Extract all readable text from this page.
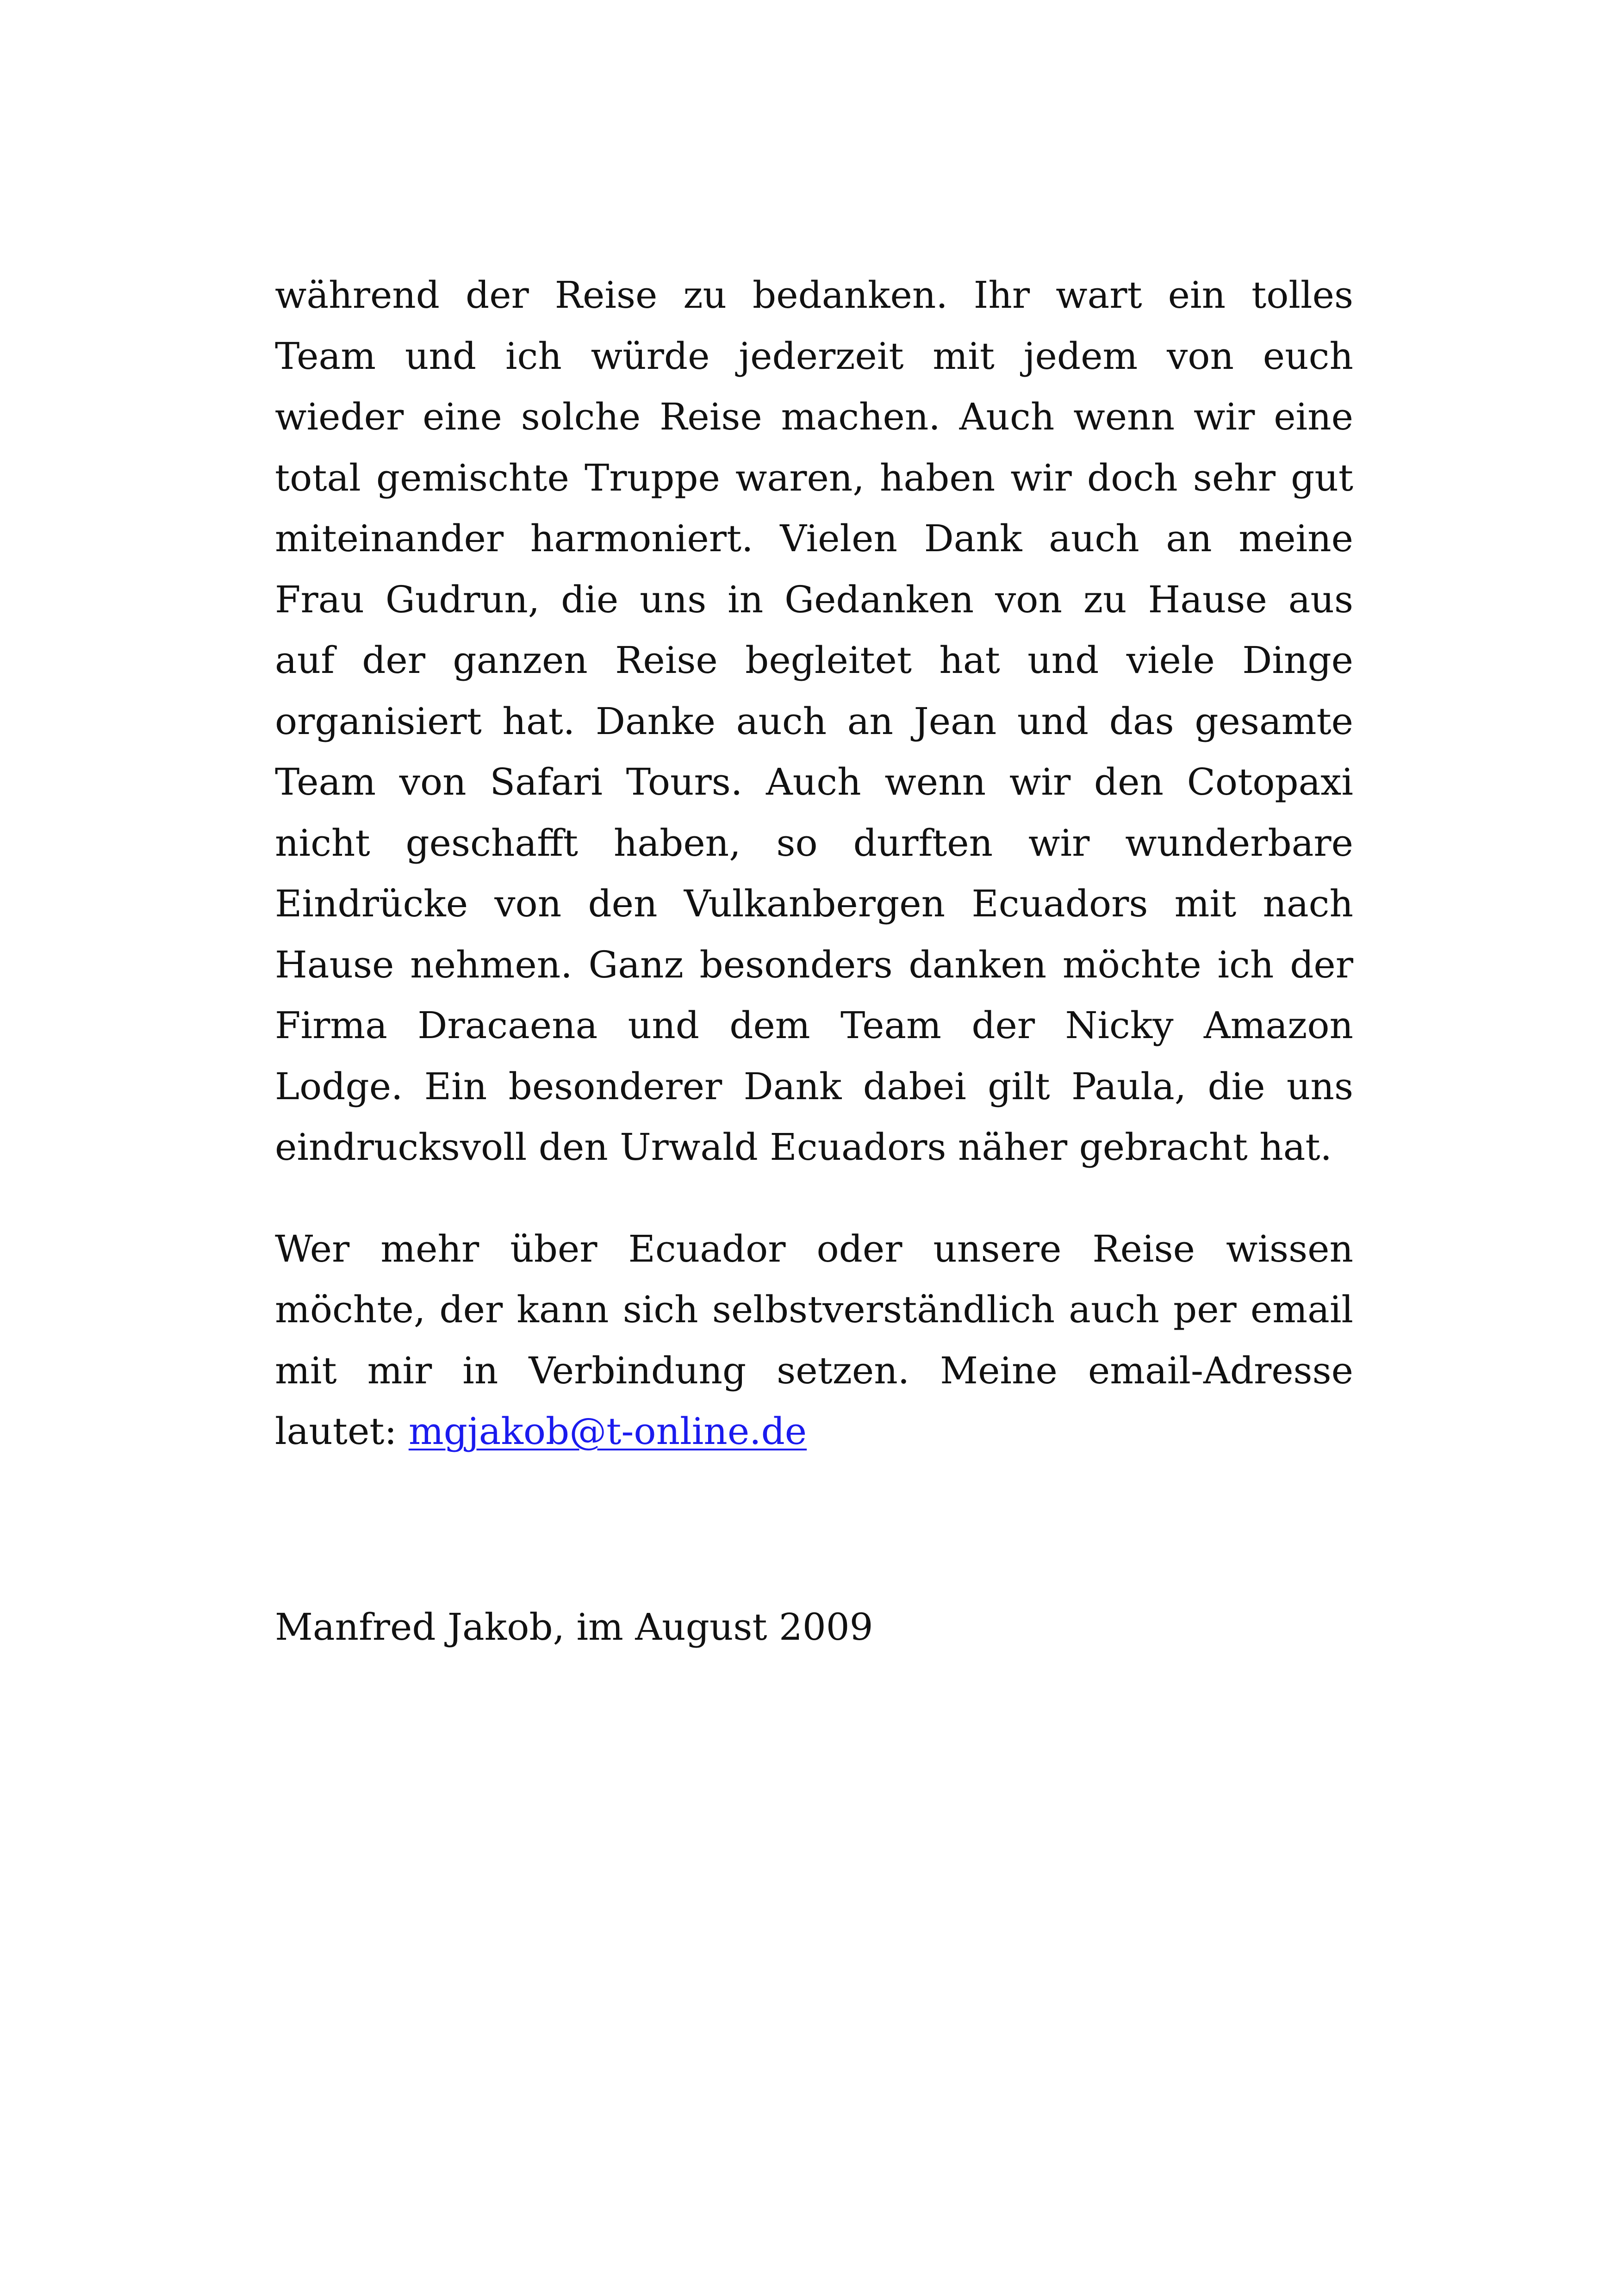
während der Reise zu bedanken. Ihr wart ein tolles
Team und ich würde jederzeit mit jedem von euch
wieder eine solche Reise machen. Auch wenn wir eine
total gemischte Truppe waren, haben wir doch sehr gut
miteinander harmoniert. Vielen Dank auch an meine
Frau Gudrun, die uns in Gedanken von zu Hause aus
auf der ganzen Reise begleitet hat und viele Dinge
organisiert hat. Danke auch an Jean und das gesamte
Team von Safari Tours. Auch wenn wir den Cotopaxi
nicht geschafft haben, so durften wir wunderbare
Eindrücke von den Vulkanbergen Ecuadors mit nach
Hause nehmen. Ganz besonders danken möchte ich der
Firma Dracaena und dem Team der Nicky Amazon
Lodge. Ein besonderer Dank dabei gilt Paula, die uns
eindrucksvoll den Urwald Ecuadors näher gebracht hat.
Wer mehr über Ecuador oder unsere Reise wissen
möchte, der kann sich selbstverständlich auch per email
mit mir in Verbindung setzen. Meine email-Adresse
lautet: mgjakob@t-online.de
Manfred Jakob, im August 2009
